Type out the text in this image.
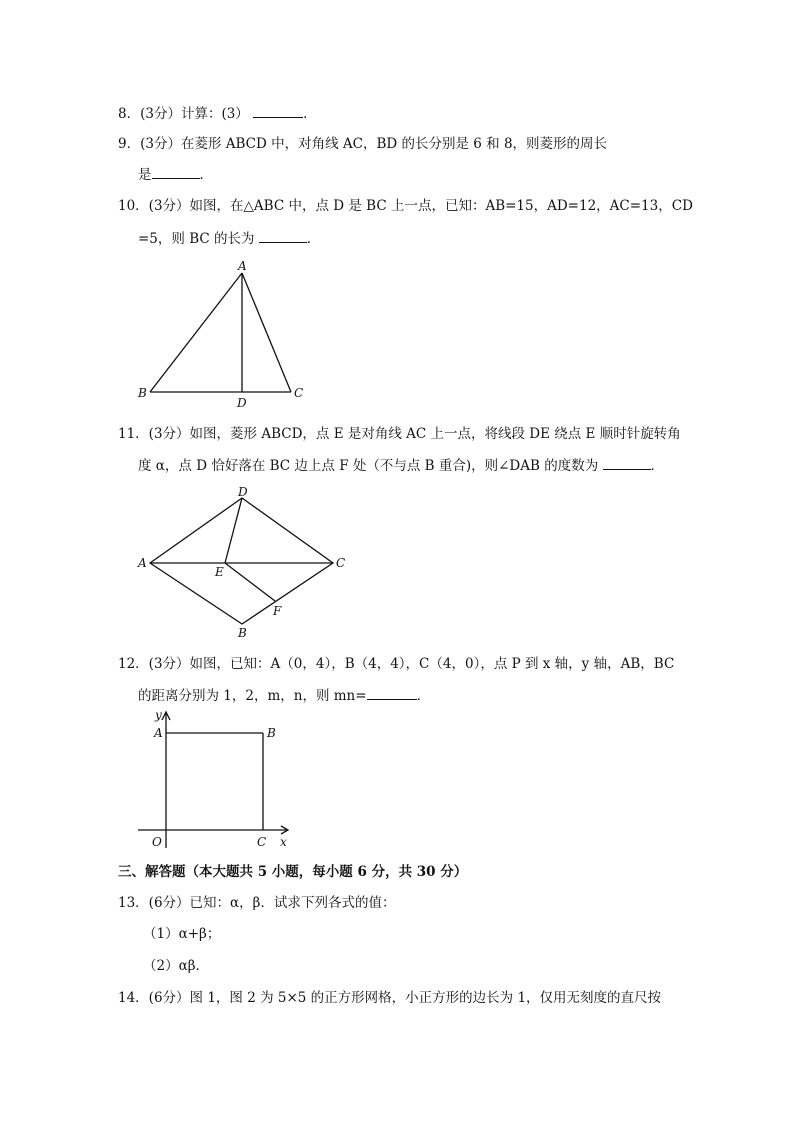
8．(3分）计算：(3）	．
9．(3分）在菱形 ABCD 中，对角线 AC，BD 的长分别是 6 和 8，则菱形的周长
是	．
10．(3分）如图，在△ABC 中，点 D 是 BC 上一点，已知：AB=15，AD=12，AC=13，CD
=5，则 BC 的长为	．
A
B	C
D
11．(3分）如图，菱形 ABCD，点 E 是对角线 AC 上一点，将线段 DE 绕点 E 顺时针旋转角
度 α，点 D 恰好落在 BC 边上点 F 处（不与点 B 重合)，则∠DAB 的度数为	．
D
A	C
E
F
B
12．(3分）如图，已知：A（0，4），B（4，4），C（4，0），点 P 到 x 轴，y 轴，AB，BC
的距离分别为 1，2，m，n，则 mn=	．
y
A	B
O	C x
三、解答题（本大题共 5 小题，每小题 6 分，共 30 分）
13．(6分）已知：α，β．试求下列各式的值：
（1）α+β；
（2）αβ．
14．(6分）图 1，图 2 为 5×5 的正方形网格，小正方形的边长为 1，仅用无刻度的直尺按
